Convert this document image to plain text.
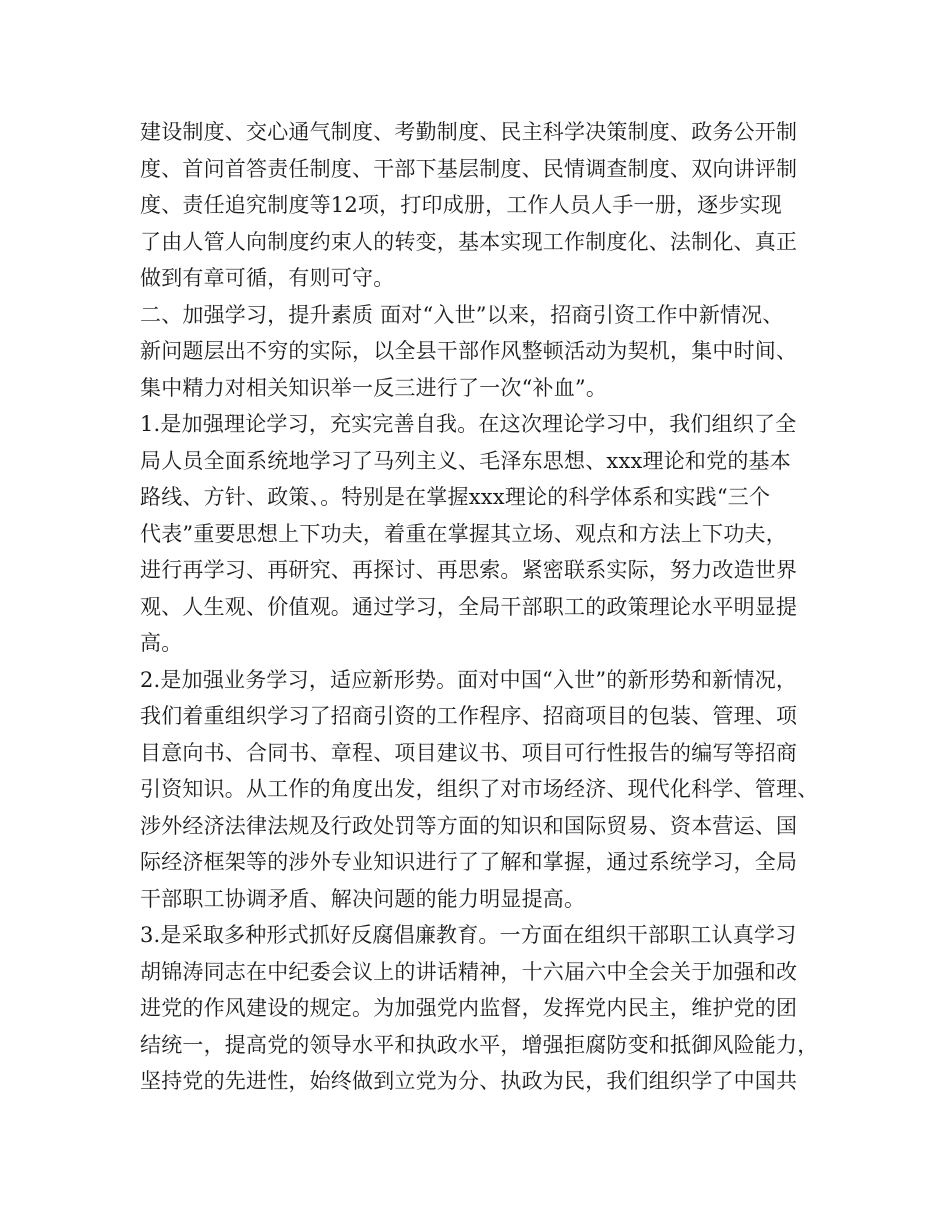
建设制度、交心通气制度、考勤制度、民主科学决策制度、政务公开制
度、首问首答责任制度、干部下基层制度、民情调查制度、双向讲评制
度、责任追究制度等12项，打印成册，工作人员人手一册，逐步实现
了由人管人向制度约束人的转变，基本实现工作制度化、法制化、真正
做到有章可循，有则可守。
二、加强学习，提升素质 面对“入世”以来，招商引资工作中新情况、
新问题层出不穷的实际，以全县干部作风整顿活动为契机，集中时间、
集中精力对相关知识举一反三进行了一次“补血”。
1.是加强理论学习，充实完善自我。在这次理论学习中，我们组织了全
局人员全面系统地学习了马列主义、毛泽东思想、xxx理论和党的基本
路线、方针、政策、。特别是在掌握xxx理论的科学体系和实践“三个
代表”重要思想上下功夫，着重在掌握其立场、观点和方法上下功夫，
进行再学习、再研究、再探讨、再思索。紧密联系实际，努力改造世界
观、人生观、价值观。通过学习，全局干部职工的政策理论水平明显提
高。
2.是加强业务学习，适应新形势。面对中国“入世”的新形势和新情况，
我们着重组织学习了招商引资的工作程序、招商项目的包装、管理、项
目意向书、合同书、章程、项目建议书、项目可行性报告的编写等招商
引资知识。从工作的角度出发，组织了对市场经济、现代化科学、管理、
涉外经济法律法规及行政处罚等方面的知识和国际贸易、资本营运、国
际经济框架等的涉外专业知识进行了了解和掌握，通过系统学习，全局
干部职工协调矛盾、解决问题的能力明显提高。
3.是采取多种形式抓好反腐倡廉教育。一方面在组织干部职工认真学习
胡锦涛同志在中纪委会议上的讲话精神，十六届六中全会关于加强和改
进党的作风建设的规定。为加强党内监督，发挥党内民主，维护党的团
结统一，提高党的领导水平和执政水平，增强拒腐防变和抵御风险能力，
坚持党的先进性，始终做到立党为分、执政为民，我们组织学了中国共
